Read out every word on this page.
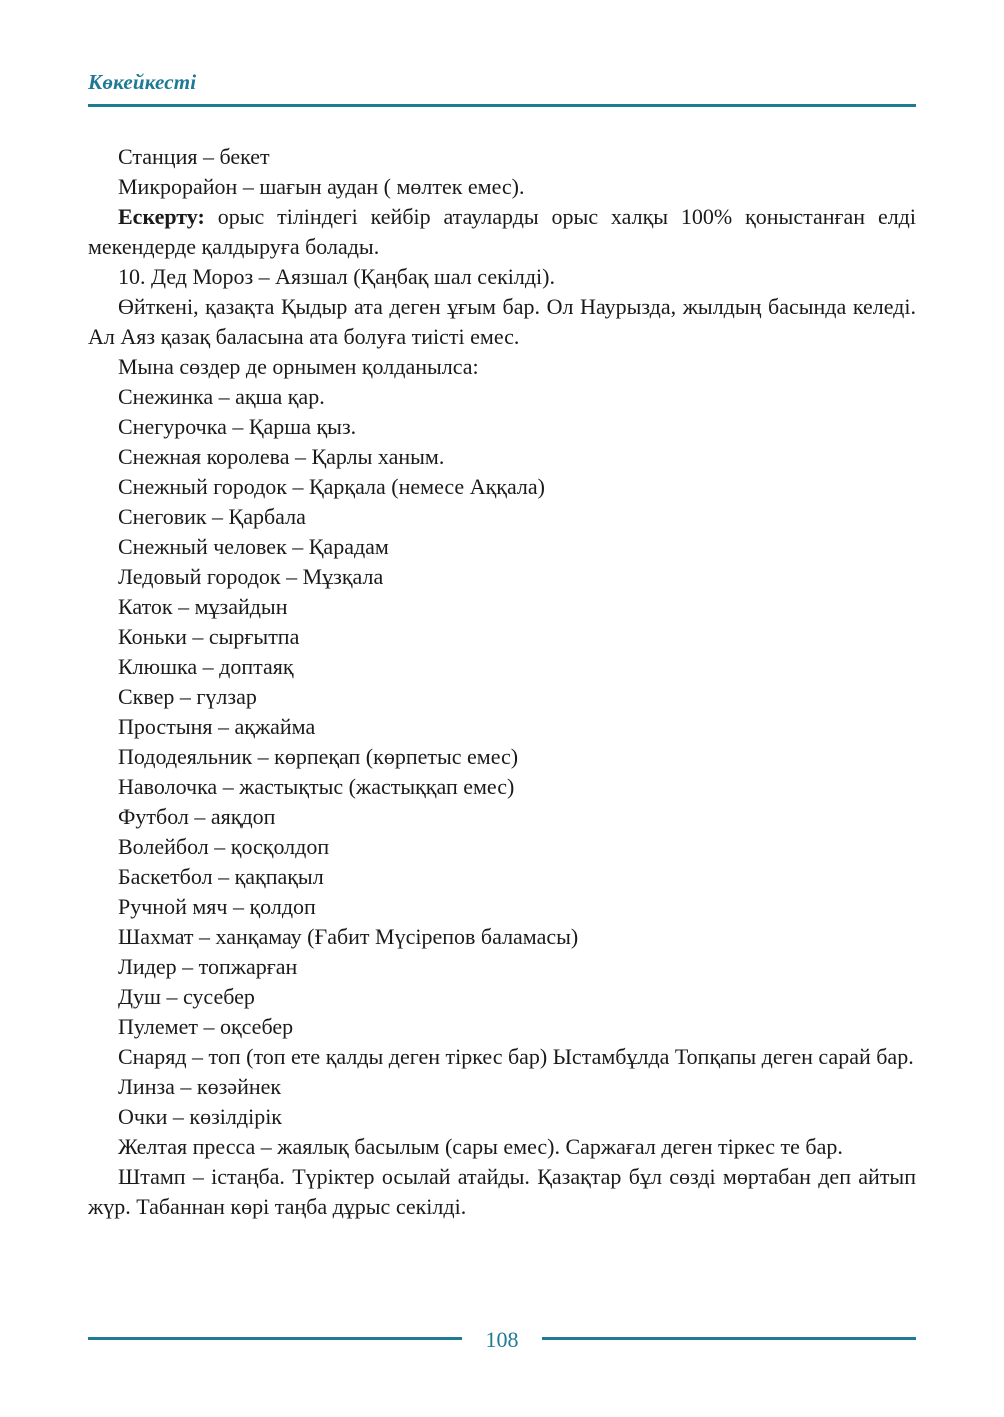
Көкейкесті

Станция – бекет

Микрорайон – шағын аудан ( мөлтек емес).

Ескерту: орыс тіліндегі кейбір атауларды орыс халқы 100% қоныстанған елді мекендерде қалдыруға болады.

10. Дед Мороз – Аязшал (Қаңбақ шал секілді).

Өйткені, қазақта Қыдыр ата деген ұғым бар. Ол Наурызда, жылдың басында келеді. Ал Аяз қазақ баласына ата болуға тиісті емес.

Мына сөздер де орнымен қолданылса:

Снежинка – ақша қар.

Снегурочка – Қарша қыз.

Снежная королева – Қарлы ханым.

Снежный городок – Қарқала (немесе Аққала)

Снеговик – Қарбала

Снежный человек – Қарадам

Ледовый городок – Мұзқала

Каток – мұзайдын

Коньки – сырғытпа

Клюшка – доптаяқ

Сквер – гүлзар

Простыня – ақжайма

Пододеяльник – көрпеқап (көрпетыс емес)

Наволочка – жастықтыс (жастыққап емес)

Футбол – аяқдоп

Волейбол – қосқолдоп

Баскетбол – қақпақыл

Ручной мяч – қолдоп

Шахмат – ханқамау (Ғабит Мүсірепов баламасы)

Лидер – топжарған

Душ – сусебер

Пулемет – оқсебер

Снаряд – топ (топ ете қалды деген тіркес бар) Ыстамбұлда Топқапы деген сарай бар.

Линза – көзәйнек

Очки – көзілдірік

Желтая пресса – жаялық басылым (сары емес). Саржағал деген тіркес те бар.

Штамп – істаңба. Түріктер осылай атайды. Қазақтар бұл сөзді мөртабан деп айтып жүр. Табаннан көрі таңба дұрыс секілді.

108
